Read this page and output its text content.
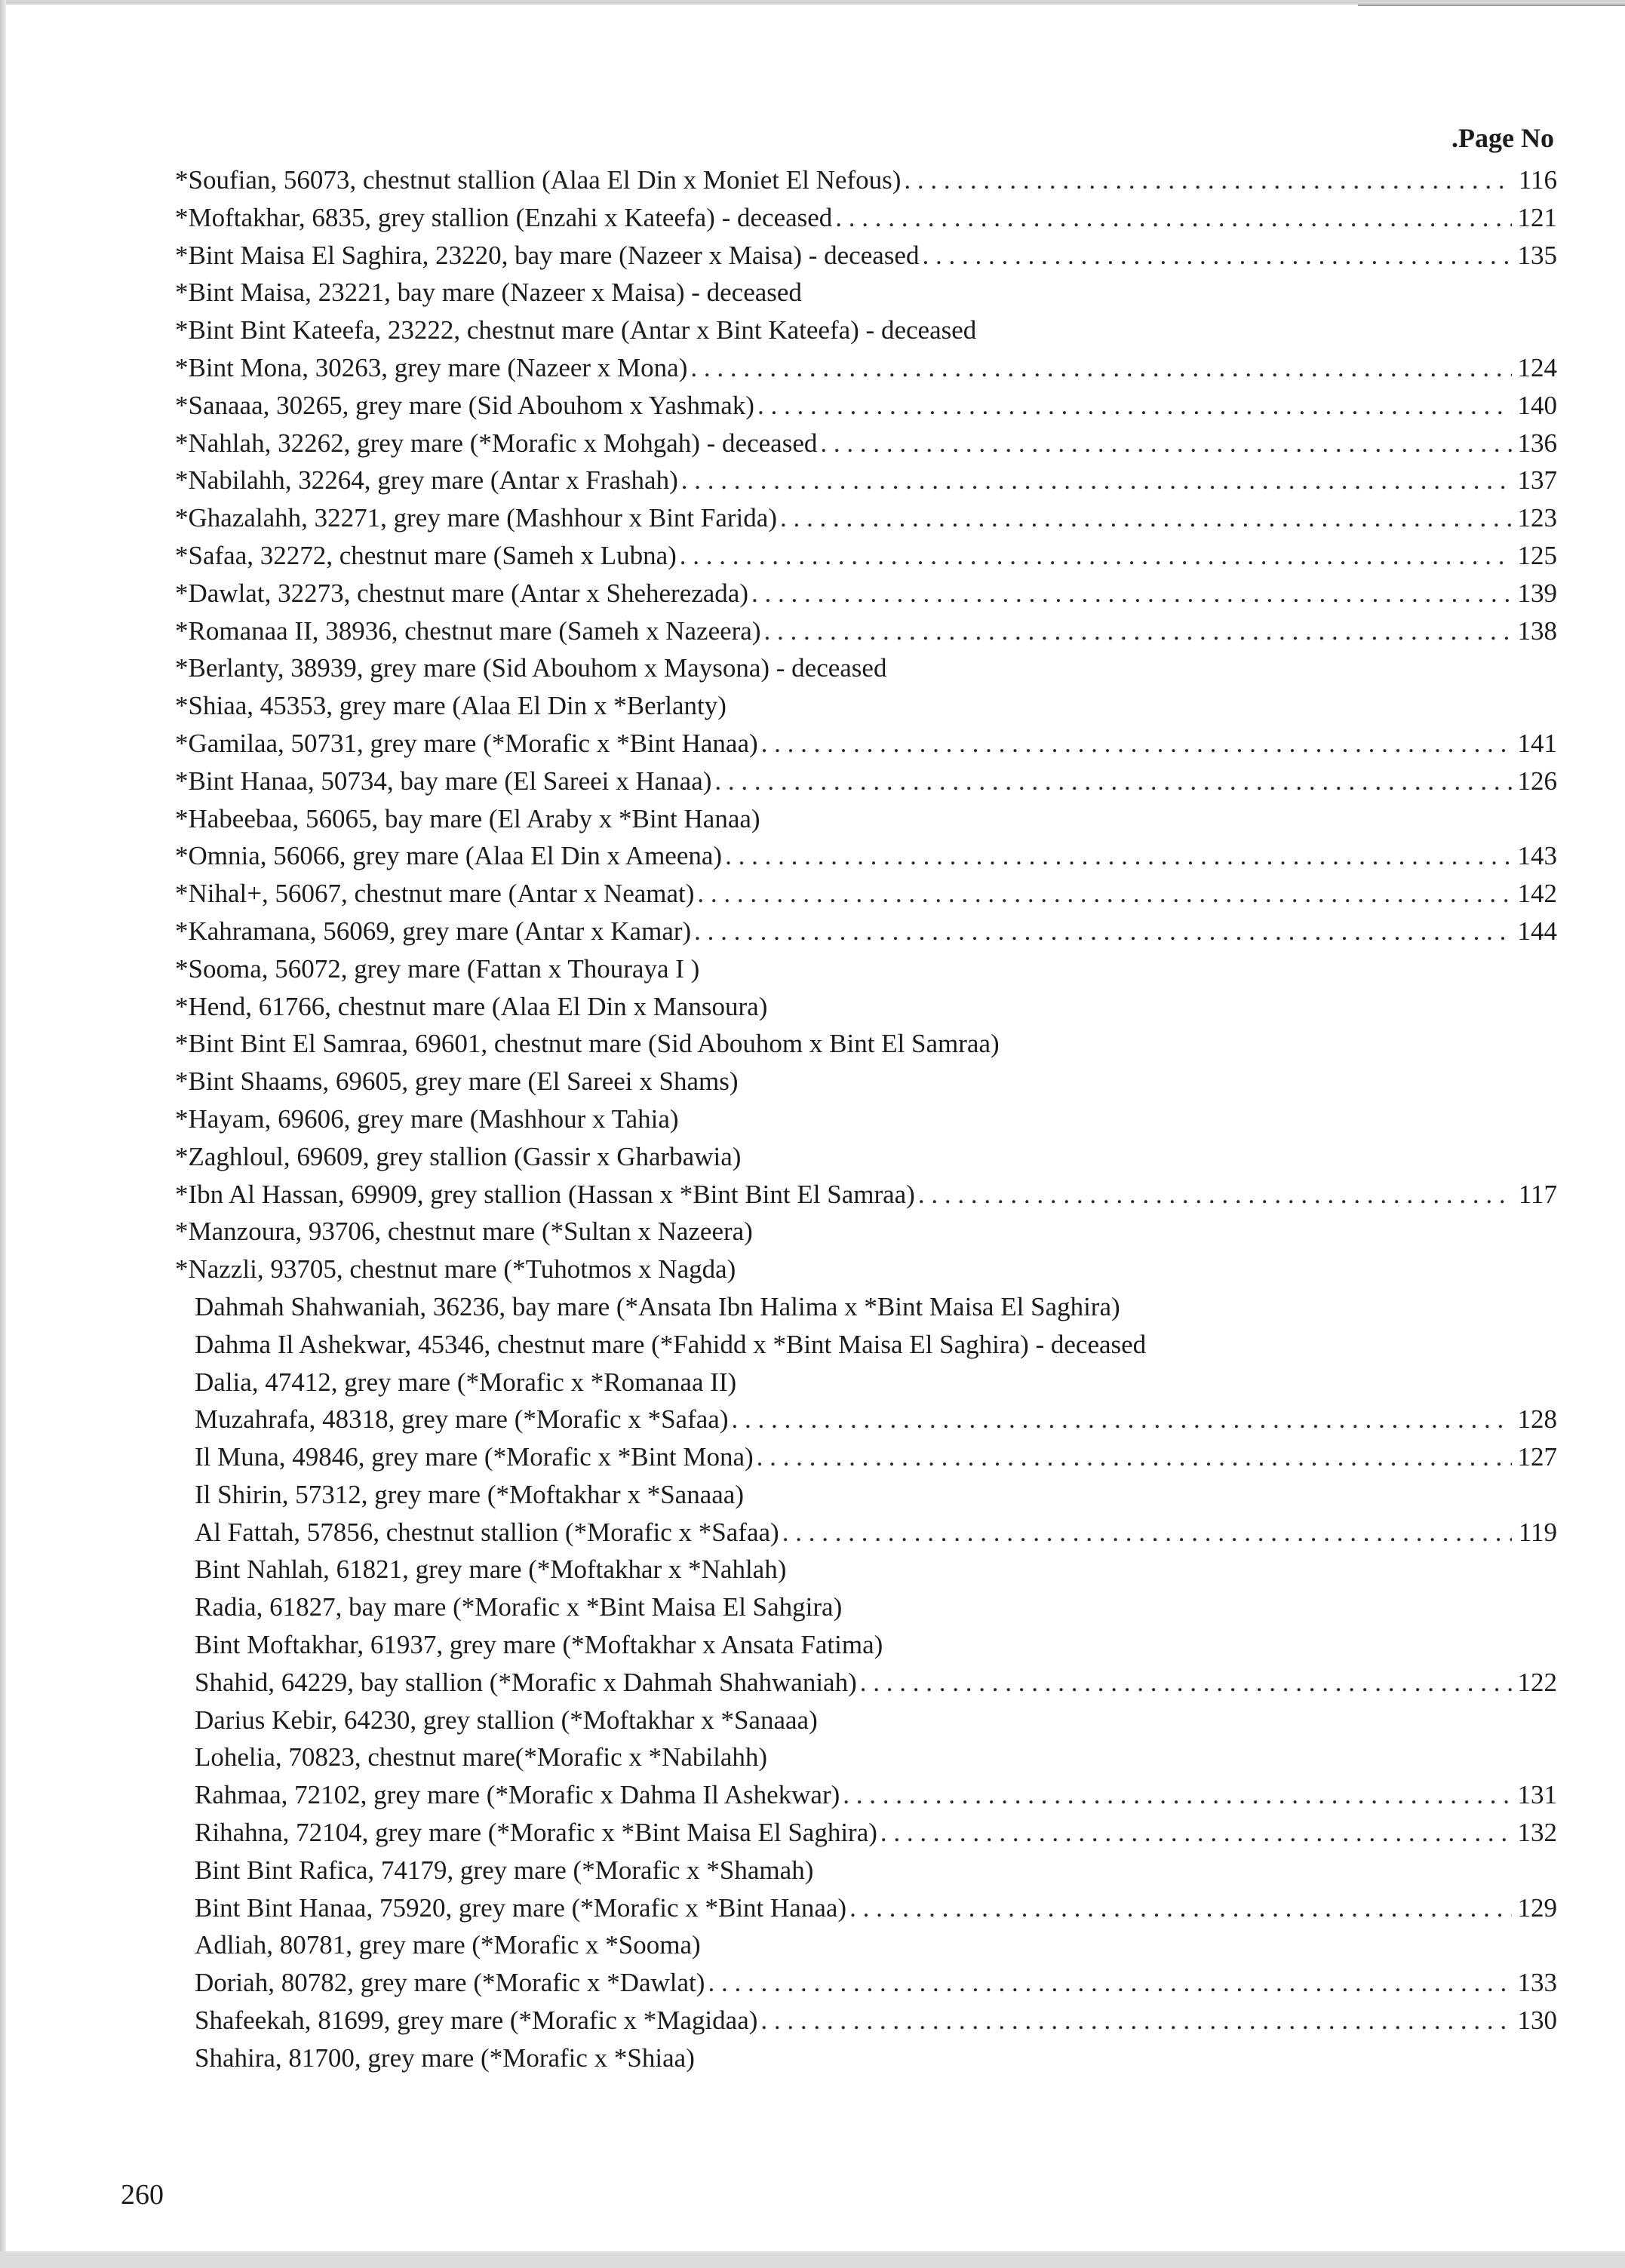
Page No.
*Soufian, 56073, chestnut stallion (Alaa El Din x Moniet El Nefous) . . .	116
*Moftakhar, 6835, grey stallion (Enzahi x Kateefa) - deceased . . .	121
*Bint Maisa El Saghira, 23220, bay mare (Nazeer x Maisa) - deceased . . .	135
*Bint Maisa, 23221, bay mare (Nazeer x Maisa) - deceased
*Bint Bint Kateefa, 23222, chestnut mare (Antar x Bint Kateefa) - deceased
*Bint Mona, 30263, grey mare (Nazeer x Mona) . . .	124
*Sanaaa, 30265, grey mare (Sid Abouhom x Yashmak) . . .	140
*Nahlah, 32262, grey mare (*Morafic x Mohgah) - deceased . . .	136
*Nabilahh, 32264, grey mare (Antar x Frashah) . . .	137
*Ghazalahh, 32271, grey mare (Mashhour x Bint Farida) . . .	123
*Safaa, 32272, chestnut mare (Sameh x Lubna) . . .	125
*Dawlat, 32273, chestnut mare (Antar x Sheherezada) . . .	139
*Romanaa II, 38936, chestnut mare (Sameh x Nazeera) . . .	138
*Berlanty, 38939, grey mare (Sid Abouhom x Maysona) - deceased
*Shiaa, 45353, grey mare (Alaa El Din x *Berlanty)
*Gamilaa, 50731, grey mare (*Morafic x *Bint Hanaa) . . .	141
*Bint Hanaa, 50734, bay mare (El Sareei x Hanaa) . . .	126
*Habeebaa, 56065, bay mare (El Araby x *Bint Hanaa)
*Omnia, 56066, grey mare (Alaa El Din x Ameena) . . .	143
*Nihal+, 56067, chestnut mare (Antar x Neamat) . . .	142
*Kahramana, 56069, grey mare (Antar x Kamar) . . .	144
*Sooma, 56072, grey mare (Fattan x Thouraya I )
*Hend, 61766, chestnut mare (Alaa El Din x Mansoura)
*Bint Bint El Samraa, 69601, chestnut mare (Sid Abouhom x Bint El Samraa)
*Bint Shaams, 69605, grey mare (El Sareei x Shams)
*Hayam, 69606, grey mare (Mashhour x Tahia)
*Zaghloul, 69609, grey stallion (Gassir x Gharbawia)
*Ibn Al Hassan, 69909, grey stallion (Hassan x *Bint Bint El Samraa) . . .	117
*Manzoura, 93706, chestnut mare (*Sultan x Nazeera)
*Nazzli, 93705, chestnut mare (*Tuhotmos x Nagda)
Dahmah Shahwaniah, 36236, bay mare (*Ansata Ibn Halima x *Bint Maisa El Saghira)
Dahma Il Ashekwar, 45346, chestnut mare (*Fahidd x *Bint Maisa El Saghira) - deceased
Dalia, 47412, grey mare (*Morafic x *Romanaa II)
Muzahrafa, 48318, grey mare (*Morafic x *Safaa) . . .	128
Il Muna, 49846, grey mare (*Morafic x *Bint Mona) . . .	127
Il Shirin, 57312, grey mare (*Moftakhar x *Sanaaa)
Al Fattah, 57856, chestnut stallion (*Morafic x *Safaa) . . .	119
Bint Nahlah, 61821, grey mare (*Moftakhar x *Nahlah)
Radia, 61827, bay mare (*Morafic x *Bint Maisa El Sahgira)
Bint Moftakhar, 61937, grey mare (*Moftakhar x Ansata Fatima)
Shahid, 64229, bay stallion (*Morafic x Dahmah Shahwaniah) . . .	122
Darius Kebir, 64230, grey stallion (*Moftakhar x *Sanaaa)
Lohelia, 70823, chestnut mare(*Morafic x *Nabilahh)
Rahmaa, 72102, grey mare (*Morafic x Dahma Il Ashekwar) . . .	131
Rihahna, 72104, grey mare (*Morafic x *Bint Maisa El Saghira) . . .	132
Bint Bint Rafica, 74179, grey mare (*Morafic x *Shamah)
Bint Bint Hanaa, 75920, grey mare (*Morafic x *Bint Hanaa) . . .	129
Adliah, 80781, grey mare (*Morafic x *Sooma)
Doriah, 80782, grey mare (*Morafic x *Dawlat) . . .	133
Shafeekah, 81699, grey mare (*Morafic x *Magidaa) . . .	130
Shahira, 81700, grey mare (*Morafic x *Shiaa)
260
